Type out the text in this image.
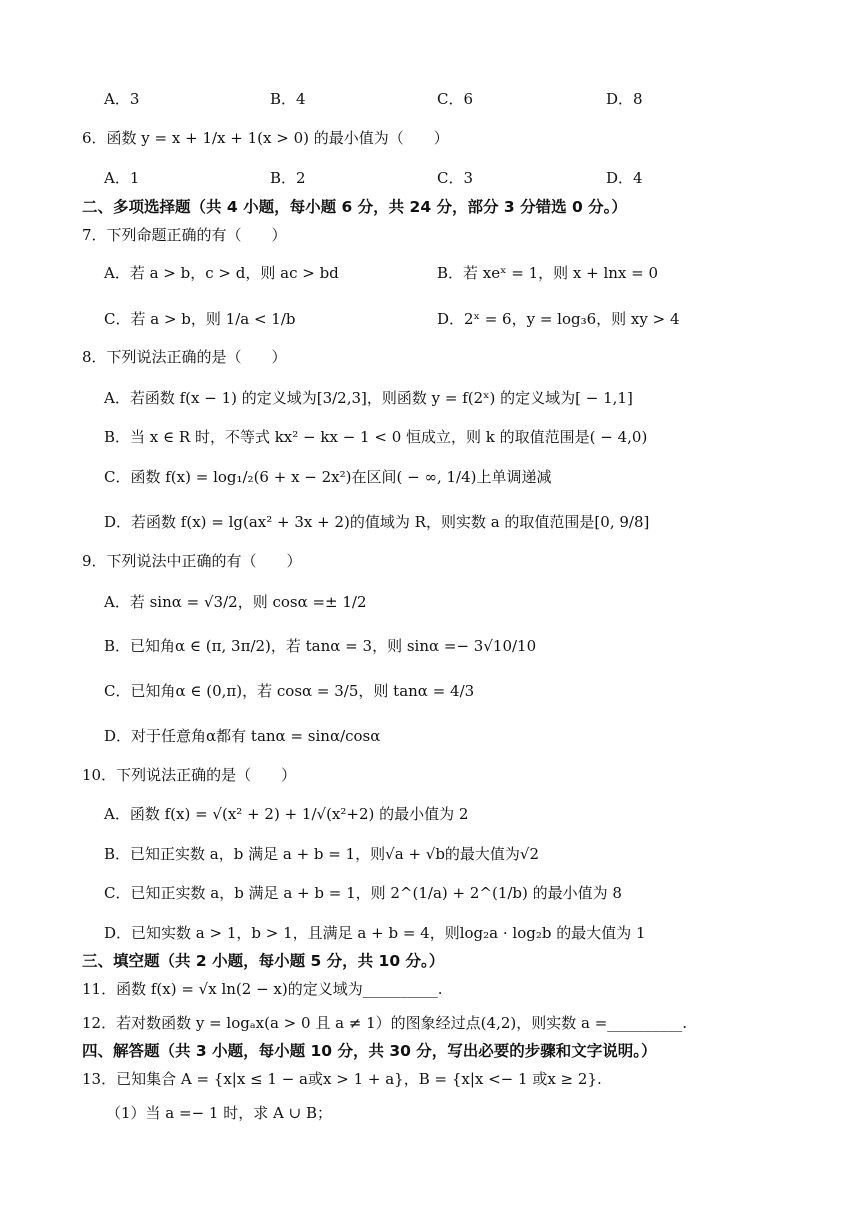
A．3	B．4	C．6	D．8
6．函数 y = x + 1/x + 1(x > 0) 的最小值为（　　）
A．1	B．2	C．3	D．4
二、多项选择题（共 4 小题，每小题 6 分，共 24 分，部分 3 分错选 0 分。）
7．下列命题正确的有（　　）
A．若 a > b，c > d，则 ac > bd	B．若 xeˣ = 1，则 x + lnx = 0
C．若 a > b，则 1/a < 1/b	D．2ˣ = 6，y = log₃6，则 xy > 4
8．下列说法正确的是（　　）
A．若函数 f(x − 1) 的定义域为[3/2,3]，则函数 y = f(2ˣ) 的定义域为[ − 1,1]
B．当 x ∈ R 时，不等式 kx² − kx − 1 < 0 恒成立，则 k 的取值范围是( − 4,0)
C．函数 f(x) = log₁/₂(6 + x − 2x²)在区间( − ∞, 1/4)上单调递减
D．若函数 f(x) = lg(ax² + 3x + 2)的值域为 R，则实数 a 的取值范围是[0, 9/8]
9．下列说法中正确的有（　　）
A．若 sinα = √3/2，则 cosα =± 1/2
B．已知角α ∈ (π, 3π/2)，若 tanα = 3，则 sinα =− 3√10/10
C．已知角α ∈ (0,π)，若 cosα = 3/5，则 tanα = 4/3
D．对于任意角α都有 tanα = sinα/cosα
10．下列说法正确的是（　　）
A．函数 f(x) = √(x² + 2) + 1/√(x²+2) 的最小值为 2
B．已知正实数 a，b 满足 a + b = 1，则√a + √b的最大值为√2
C．已知正实数 a，b 满足 a + b = 1，则 2^(1/a) + 2^(1/b) 的最小值为 8
D．已知实数 a > 1，b > 1，且满足 a + b = 4，则log₂a · log₂b 的最大值为 1
三、填空题（共 2 小题，每小题 5 分，共 10 分。）
11．函数 f(x) = √x ln(2 − x)的定义域为__________.
12．若对数函数 y = logₐx(a > 0 且 a ≠ 1）的图象经过点(4,2)，则实数 a =__________.
四、解答题（共 3 小题，每小题 10 分，共 30 分，写出必要的步骤和文字说明。）
13．已知集合 A = {x|x ≤ 1 − a或x > 1 + a}，B = {x|x <− 1 或x ≥ 2}.
（1）当 a =− 1 时，求 A ∪ B；
